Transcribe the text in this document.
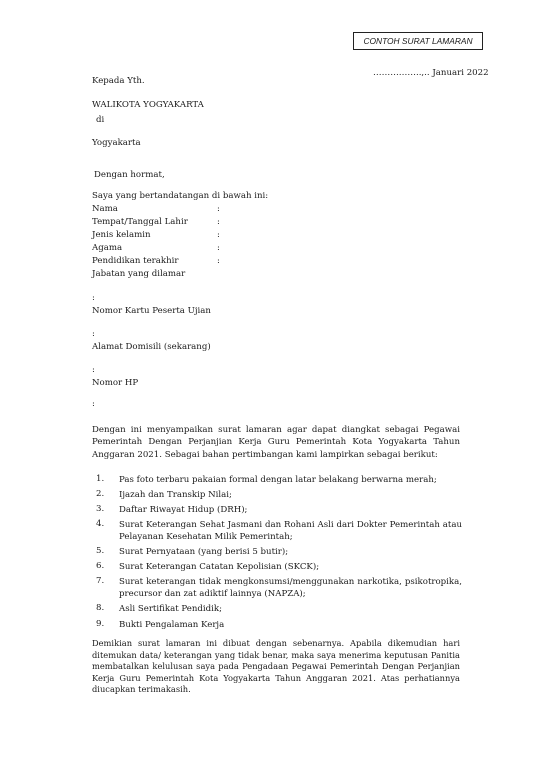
CONTOH SURAT LAMARAN
……………..,.. Januari 2022
Kepada Yth.
WALIKOTA YOGYAKARTA
di
Yogyakarta
Dengan hormat,
Saya yang bertandatangan di bawah ini:
Nama	:
Tempat/Tanggal Lahir	:
Jenis kelamin	:
Agama	:
Pendidikan terakhir	:
Jabatan yang dilamar
:
Nomor Kartu Peserta Ujian
:
Alamat Domisili (sekarang)
:
Nomor HP
:
Dengan ini menyampaikan surat lamaran agar dapat diangkat sebagai Pegawai Pemerintah Dengan Perjanjian Kerja Guru Pemerintah Kota Yogyakarta Tahun Anggaran 2021. Sebagai bahan pertimbangan kami lampirkan sebagai berikut:
1. Pas foto terbaru pakaian formal dengan latar belakang berwarna merah;
2. Ijazah dan Transkip Nilai;
3. Daftar Riwayat Hidup (DRH);
4. Surat Keterangan Sehat Jasmani dan Rohani Asli dari Dokter Pemerintah atau Pelayanan Kesehatan Milik Pemerintah;
5. Surat Pernyataan (yang berisi 5 butir);
6. Surat Keterangan Catatan Kepolisian (SKCK);
7. Surat keterangan tidak mengkonsumsi/menggunakan narkotika, psikotropika, precursor dan zat adiktif lainnya (NAPZA);
8. Asli Sertifikat Pendidik;
9. Bukti Pengalaman Kerja
Demikian surat lamaran ini dibuat dengan sebenarnya. Apabila dikemudian hari ditemukan data/ keterangan yang tidak benar, maka saya menerima keputusan Panitia membatalkan kelulusan saya pada Pengadaan Pegawai Pemerintah Dengan Perjanjian Kerja Guru Pemerintah Kota Yogyakarta Tahun Anggaran 2021. Atas perhatiannya diucapkan terimakasih.
